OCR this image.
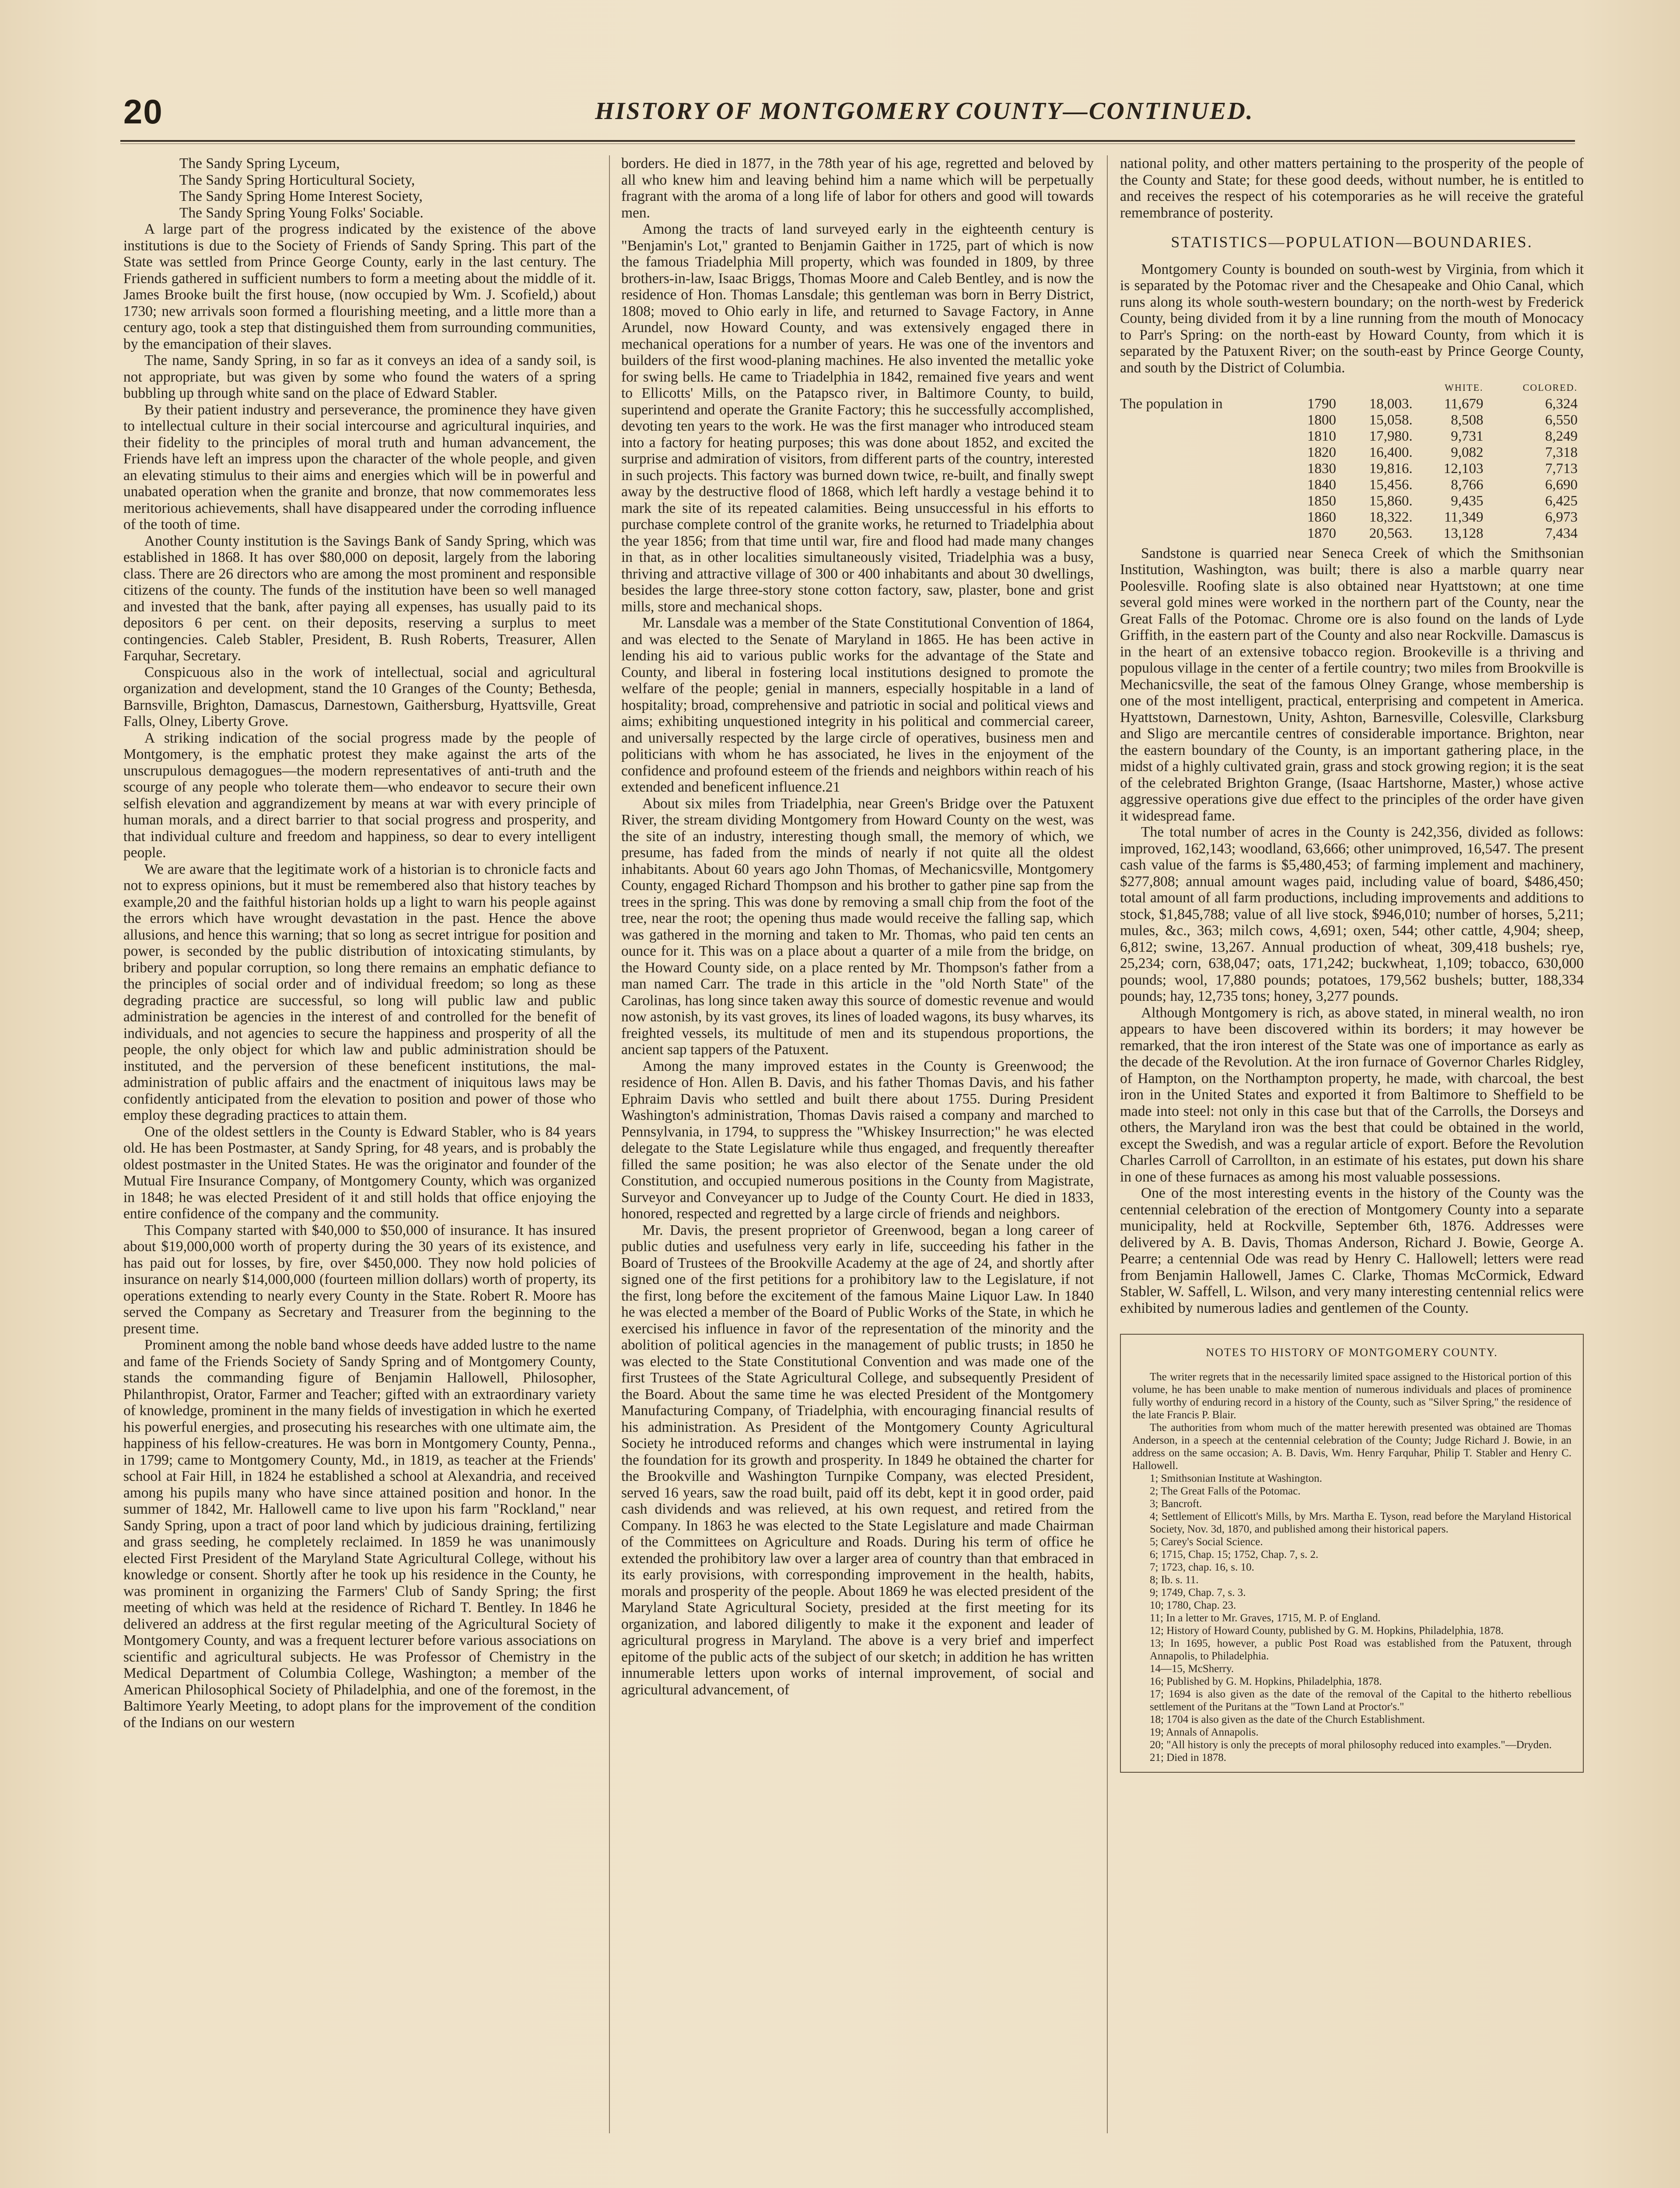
20	HISTORY OF MONTGOMERY COUNTY—CONTINUED.

The Sandy Spring Lyceum,

The Sandy Spring Horticultural Society,

The Sandy Spring Home Interest Society,

The Sandy Spring Young Folks' Sociable.

A large part of the progress indicated by the existence of the above institutions is due to the Society of Friends of Sandy Spring. This part of the State was settled from Prince George County, early in the last century. The Friends gathered in sufficient numbers to form a meeting about the middle of it. James Brooke built the first house, (now occupied by Wm. J. Scofield,) about 1730; new arrivals soon formed a flourishing meeting, and a little more than a century ago, took a step that distinguished them from surrounding communities, by the emancipation of their slaves.

The name, Sandy Spring, in so far as it conveys an idea of a sandy soil, is not appropriate, but was given by some who found the waters of a spring bubbling up through white sand on the place of Edward Stabler.

By their patient industry and perseverance, the prominence they have given to intellectual culture in their social intercourse and agricultural inquiries, and their fidelity to the principles of moral truth and human advancement, the Friends have left an impress upon the character of the whole people, and given an elevating stimulus to their aims and energies which will be in powerful and unabated operation when the granite and bronze, that now commemorates less meritorious achievements, shall have disappeared under the corroding influence of the tooth of time.

Another County institution is the Savings Bank of Sandy Spring, which was established in 1868. It has over $80,000 on deposit, largely from the laboring class. There are 26 directors who are among the most prominent and responsible citizens of the county. The funds of the institution have been so well managed and invested that the bank, after paying all expenses, has usually paid to its depositors 6 per cent. on their deposits, reserving a surplus to meet contingencies. Caleb Stabler, President, B. Rush Roberts, Treasurer, Allen Farquhar, Secretary.

Conspicuous also in the work of intellectual, social and agricultural organization and development, stand the 10 Granges of the County; Bethesda, Barnsville, Brighton, Damascus, Darnestown, Gaithersburg, Hyattsville, Great Falls, Olney, Liberty Grove.

A striking indication of the social progress made by the people of Montgomery, is the emphatic protest they make against the arts of the unscrupulous demagogues—the modern representatives of anti-truth and the scourge of any people who tolerate them—who endeavor to secure their own selfish elevation and aggrandizement by means at war with every principle of human morals, and a direct barrier to that social progress and prosperity, and that individual culture and freedom and happiness, so dear to every intelligent people.

We are aware that the legitimate work of a historian is to chronicle facts and not to express opinions, but it must be remembered also that history teaches by example,20 and the faithful historian holds up a light to warn his people against the errors which have wrought devastation in the past. Hence the above allusions, and hence this warning; that so long as secret intrigue for position and power, is seconded by the public distribution of intoxicating stimulants, by bribery and popular corruption, so long there remains an emphatic defiance to the principles of social order and of individual freedom; so long as these degrading practice are successful, so long will public law and public administration be agencies in the interest of and controlled for the benefit of individuals, and not agencies to secure the happiness and prosperity of all the people, the only object for which law and public administration should be instituted, and the perversion of these beneficent institutions, the mal-administration of public affairs and the enactment of iniquitous laws may be confidently anticipated from the elevation to position and power of those who employ these degrading practices to attain them.

One of the oldest settlers in the County is Edward Stabler, who is 84 years old. He has been Postmaster, at Sandy Spring, for 48 years, and is probably the oldest postmaster in the United States. He was the originator and founder of the Mutual Fire Insurance Company, of Montgomery County, which was organized in 1848; he was elected President of it and still holds that office enjoying the entire confidence of the company and the community.

This Company started with $40,000 to $50,000 of insurance. It has insured about $19,000,000 worth of property during the 30 years of its existence, and has paid out for losses, by fire, over $450,000. They now hold policies of insurance on nearly $14,000,000 (fourteen million dollars) worth of property, its operations extending to nearly every County in the State. Robert R. Moore has served the Company as Secretary and Treasurer from the beginning to the present time.

Prominent among the noble band whose deeds have added lustre to the name and fame of the Friends Society of Sandy Spring and of Montgomery County, stands the commanding figure of Benjamin Hallowell, Philosopher, Philanthropist, Orator, Farmer and Teacher; gifted with an extraordinary variety of knowledge, prominent in the many fields of investigation in which he exerted his powerful energies, and prosecuting his researches with one ultimate aim, the happiness of his fellow-creatures. He was born in Montgomery County, Penna., in 1799; came to Montgomery County, Md., in 1819, as teacher at the Friends' school at Fair Hill, in 1824 he established a school at Alexandria, and received among his pupils many who have since attained position and honor. In the summer of 1842, Mr. Hallowell came to live upon his farm "Rockland," near Sandy Spring, upon a tract of poor land which by judicious draining, fertilizing and grass seeding, he completely reclaimed. In 1859 he was unanimously elected First President of the Maryland State Agricultural College, without his knowledge or consent. Shortly after he took up his residence in the County, he was prominent in organizing the Farmers' Club of Sandy Spring; the first meeting of which was held at the residence of Richard T. Bentley. In 1846 he delivered an address at the first regular meeting of the Agricultural Society of Montgomery County, and was a frequent lecturer before various associations on scientific and agricultural subjects. He was Professor of Chemistry in the Medical Department of Columbia College, Washington; a member of the American Philosophical Society of Philadelphia, and one of the foremost, in the Baltimore Yearly Meeting, to adopt plans for the improvement of the condition of the Indians on our western

borders. He died in 1877, in the 78th year of his age, regretted and beloved by all who knew him and leaving behind him a name which will be perpetually fragrant with the aroma of a long life of labor for others and good will towards men.

Among the tracts of land surveyed early in the eighteenth century is "Benjamin's Lot," granted to Benjamin Gaither in 1725, part of which is now the famous Triadelphia Mill property, which was founded in 1809, by three brothers-in-law, Isaac Briggs, Thomas Moore and Caleb Bentley, and is now the residence of Hon. Thomas Lansdale; this gentleman was born in Berry District, 1808; moved to Ohio early in life, and returned to Savage Factory, in Anne Arundel, now Howard County, and was extensively engaged there in mechanical operations for a number of years. He was one of the inventors and builders of the first wood-planing machines. He also invented the metallic yoke for swing bells. He came to Triadelphia in 1842, remained five years and went to Ellicotts' Mills, on the Patapsco river, in Baltimore County, to build, superintend and operate the Granite Factory; this he successfully accomplished, devoting ten years to the work. He was the first manager who introduced steam into a factory for heating purposes; this was done about 1852, and excited the surprise and admiration of visitors, from different parts of the country, interested in such projects. This factory was burned down twice, re-built, and finally swept away by the destructive flood of 1868, which left hardly a vestage behind it to mark the site of its repeated calamities. Being unsuccessful in his efforts to purchase complete control of the granite works, he returned to Triadelphia about the year 1856; from that time until war, fire and flood had made many changes in that, as in other localities simultaneously visited, Triadelphia was a busy, thriving and attractive village of 300 or 400 inhabitants and about 30 dwellings, besides the large three-story stone cotton factory, saw, plaster, bone and grist mills, store and mechanical shops.

Mr. Lansdale was a member of the State Constitutional Convention of 1864, and was elected to the Senate of Maryland in 1865. He has been active in lending his aid to various public works for the advantage of the State and County, and liberal in fostering local institutions designed to promote the welfare of the people; genial in manners, especially hospitable in a land of hospitality; broad, comprehensive and patriotic in social and political views and aims; exhibiting unquestioned integrity in his political and commercial career, and universally respected by the large circle of operatives, business men and politicians with whom he has associated, he lives in the enjoyment of the confidence and profound esteem of the friends and neighbors within reach of his extended and beneficent influence.21

About six miles from Triadelphia, near Green's Bridge over the Patuxent River, the stream dividing Montgomery from Howard County on the west, was the site of an industry, interesting though small, the memory of which, we presume, has faded from the minds of nearly if not quite all the oldest inhabitants. About 60 years ago John Thomas, of Mechanicsville, Montgomery County, engaged Richard Thompson and his brother to gather pine sap from the trees in the spring. This was done by removing a small chip from the foot of the tree, near the root; the opening thus made would receive the falling sap, which was gathered in the morning and taken to Mr. Thomas, who paid ten cents an ounce for it. This was on a place about a quarter of a mile from the bridge, on the Howard County side, on a place rented by Mr. Thompson's father from a man named Carr. The trade in this article in the "old North State" of the Carolinas, has long since taken away this source of domestic revenue and would now astonish, by its vast groves, its lines of loaded wagons, its busy wharves, its freighted vessels, its multitude of men and its stupendous proportions, the ancient sap tappers of the Patuxent.

Among the many improved estates in the County is Greenwood; the residence of Hon. Allen B. Davis, and his father Thomas Davis, and his father Ephraim Davis who settled and built there about 1755. During President Washington's administration, Thomas Davis raised a company and marched to Pennsylvania, in 1794, to suppress the "Whiskey Insurrection;" he was elected delegate to the State Legislature while thus engaged, and frequently thereafter filled the same position; he was also elector of the Senate under the old Constitution, and occupied numerous positions in the County from Magistrate, Surveyor and Conveyancer up to Judge of the County Court. He died in 1833, honored, respected and regretted by a large circle of friends and neighbors.

Mr. Davis, the present proprietor of Greenwood, began a long career of public duties and usefulness very early in life, succeeding his father in the Board of Trustees of the Brookville Academy at the age of 24, and shortly after signed one of the first petitions for a prohibitory law to the Legislature, if not the first, long before the excitement of the famous Maine Liquor Law. In 1840 he was elected a member of the Board of Public Works of the State, in which he exercised his influence in favor of the representation of the minority and the abolition of political agencies in the management of public trusts; in 1850 he was elected to the State Constitutional Convention and was made one of the first Trustees of the State Agricultural College, and subsequently President of the Board. About the same time he was elected President of the Montgomery Manufacturing Company, of Triadelphia, with encouraging financial results of his administration. As President of the Montgomery County Agricultural Society he introduced reforms and changes which were instrumental in laying the foundation for its growth and prosperity. In 1849 he obtained the charter for the Brookville and Washington Turnpike Company, was elected President, served 16 years, saw the road built, paid off its debt, kept it in good order, paid cash dividends and was relieved, at his own request, and retired from the Company. In 1863 he was elected to the State Legislature and made Chairman of the Committees on Agriculture and Roads. During his term of office he extended the prohibitory law over a larger area of country than that embraced in its early provisions, with corresponding improvement in the health, habits, morals and prosperity of the people. About 1869 he was elected president of the Maryland State Agricultural Society, presided at the first meeting for its organization, and labored diligently to make it the exponent and leader of agricultural progress in Maryland. The above is a very brief and imperfect epitome of the public acts of the subject of our sketch; in addition he has written innumerable letters upon works of internal improvement, of social and agricultural advancement, of

national polity, and other matters pertaining to the prosperity of the people of the County and State; for these good deeds, without number, he is entitled to and receives the respect of his cotemporaries as he will receive the grateful remembrance of posterity.

STATISTICS—POPULATION—BOUNDARIES.

Montgomery County is bounded on south-west by Virginia, from which it is separated by the Potomac river and the Chesapeake and Ohio Canal, which runs along its whole south-western boundary; on the north-west by Frederick County, being divided from it by a line running from the mouth of Monocacy to Parr's Spring: on the north-east by Howard County, from which it is separated by the Patuxent River; on the south-east by Prince George County, and south by the District of Columbia.

			WHITE.	COLORED.
The population in	1790	18,003.	11,679	6,324
	1800	15,058.	8,508	6,550
	1810	17,980.	9,731	8,249
	1820	16,400.	9,082	7,318
	1830	19,816.	12,103	7,713
	1840	15,456.	8,766	6,690
	1850	15,860.	9,435	6,425
	1860	18,322.	11,349	6,973
	1870	20,563.	13,128	7,434

Sandstone is quarried near Seneca Creek of which the Smithsonian Institution, Washington, was built; there is also a marble quarry near Poolesville. Roofing slate is also obtained near Hyattstown; at one time several gold mines were worked in the northern part of the County, near the Great Falls of the Potomac. Chrome ore is also found on the lands of Lyde Griffith, in the eastern part of the County and also near Rockville. Damascus is in the heart of an extensive tobacco region. Brookeville is a thriving and populous village in the center of a fertile country; two miles from Brookville is Mechanicsville, the seat of the famous Olney Grange, whose membership is one of the most intelligent, practical, enterprising and competent in America. Hyattstown, Darnestown, Unity, Ashton, Barnesville, Colesville, Clarksburg and Sligo are mercantile centres of considerable importance. Brighton, near the eastern boundary of the County, is an important gathering place, in the midst of a highly cultivated grain, grass and stock growing region; it is the seat of the celebrated Brighton Grange, (Isaac Hartshorne, Master,) whose active aggressive operations give due effect to the principles of the order have given it widespread fame.

The total number of acres in the County is 242,356, divided as follows: improved, 162,143; woodland, 63,666; other unimproved, 16,547. The present cash value of the farms is $5,480,453; of farming implement and machinery, $277,808; annual amount wages paid, including value of board, $486,450; total amount of all farm productions, including improvements and additions to stock, $1,845,788; value of all live stock, $946,010; number of horses, 5,211; mules, &c., 363; milch cows, 4,691; oxen, 544; other cattle, 4,904; sheep, 6,812; swine, 13,267. Annual production of wheat, 309,418 bushels; rye, 25,234; corn, 638,047; oats, 171,242; buckwheat, 1,109; tobacco, 630,000 pounds; wool, 17,880 pounds; potatoes, 179,562 bushels; butter, 188,334 pounds; hay, 12,735 tons; honey, 3,277 pounds.

Although Montgomery is rich, as above stated, in mineral wealth, no iron appears to have been discovered within its borders; it may however be remarked, that the iron interest of the State was one of importance as early as the decade of the Revolution. At the iron furnace of Governor Charles Ridgley, of Hampton, on the Northampton property, he made, with charcoal, the best iron in the United States and exported it from Baltimore to Sheffield to be made into steel: not only in this case but that of the Carrolls, the Dorseys and others, the Maryland iron was the best that could be obtained in the world, except the Swedish, and was a regular article of export. Before the Revolution Charles Carroll of Carrollton, in an estimate of his estates, put down his share in one of these furnaces as among his most valuable possessions.

One of the most interesting events in the history of the County was the centennial celebration of the erection of Montgomery County into a separate municipality, held at Rockville, September 6th, 1876. Addresses were delivered by A. B. Davis, Thomas Anderson, Richard J. Bowie, George A. Pearre; a centennial Ode was read by Henry C. Hallowell; letters were read from Benjamin Hallowell, James C. Clarke, Thomas McCormick, Edward Stabler, W. Saffell, L. Wilson, and very many interesting centennial relics were exhibited by numerous ladies and gentlemen of the County.

NOTES TO HISTORY OF MONTGOMERY COUNTY.

The writer regrets that in the necessarily limited space assigned to the Historical portion of this volume, he has been unable to make mention of numerous individuals and places of prominence fully worthy of enduring record in a history of the County, such as "Silver Spring," the residence of the late Francis P. Blair.

The authorities from whom much of the matter herewith presented was obtained are Thomas Anderson, in a speech at the centennial celebration of the County; Judge Richard J. Bowie, in an address on the same occasion; A. B. Davis, Wm. Henry Farquhar, Philip T. Stabler and Henry C. Hallowell.

1; Smithsonian Institute at Washington.

2; The Great Falls of the Potomac.

3; Bancroft.

4; Settlement of Ellicott's Mills, by Mrs. Martha E. Tyson, read before the Maryland Historical Society, Nov. 3d, 1870, and published among their historical papers.

5; Carey's Social Science.

6; 1715, Chap. 15; 1752, Chap. 7, s. 2.

7; 1723, chap. 16, s. 10.

8; Ib. s. 11.

9; 1749, Chap. 7, s. 3.

10; 1780, Chap. 23.

11; In a letter to Mr. Graves, 1715, M. P. of England.

12; History of Howard County, published by G. M. Hopkins, Philadelphia, 1878.

13; In 1695, however, a public Post Road was established from the Patuxent, through Annapolis, to Philadelphia.

14—15, McSherry.

16; Published by G. M. Hopkins, Philadelphia, 1878.

17; 1694 is also given as the date of the removal of the Capital to the hitherto rebellious settlement of the Puritans at the "Town Land at Proctor's."

18; 1704 is also given as the date of the Church Establishment.

19; Annals of Annapolis.

20; "All history is only the precepts of moral philosophy reduced into examples."—Dryden.

21; Died in 1878.
